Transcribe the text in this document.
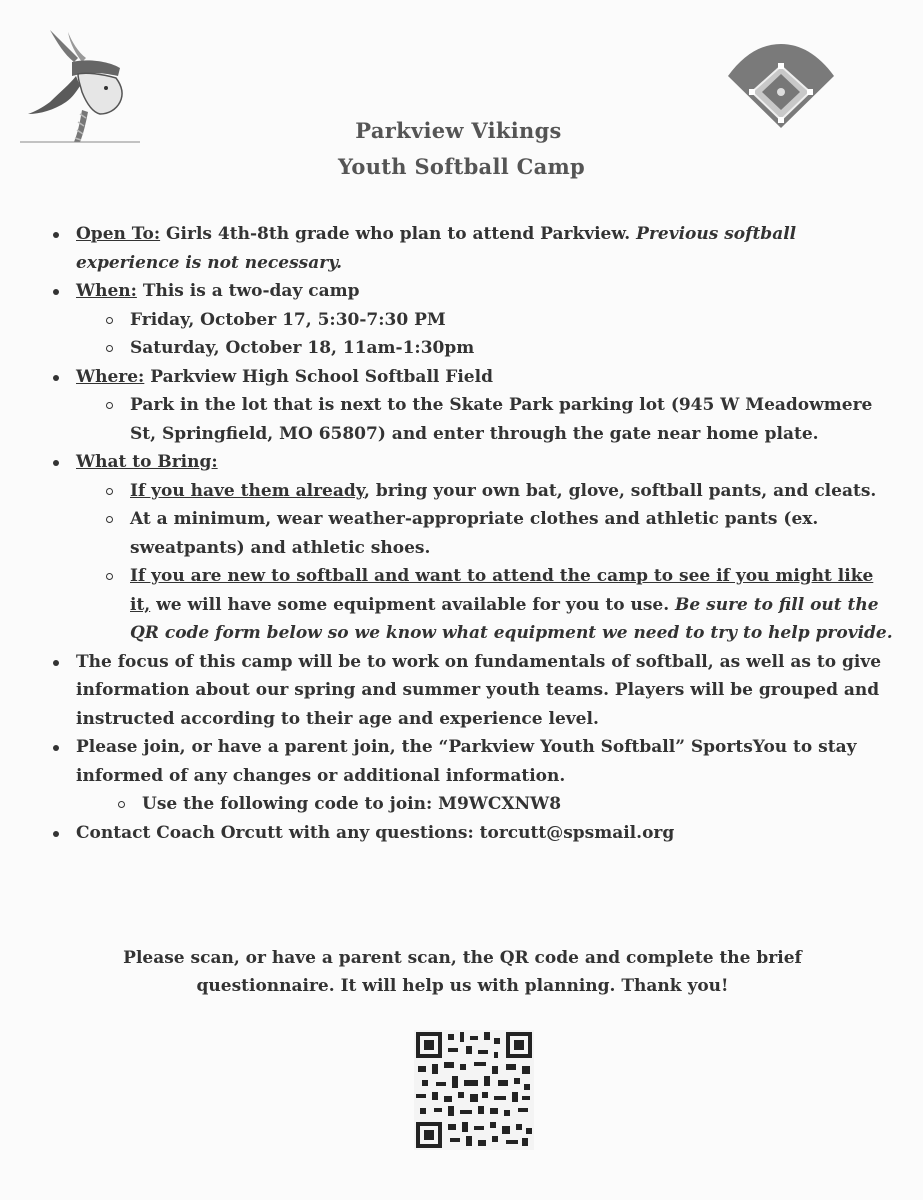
Parkview Vikings
Youth Softball Camp
Open To: Girls 4th-8th grade who plan to attend Parkview. Previous softball experience is not necessary.
When: This is a two-day camp
Friday, October 17, 5:30-7:30 PM
Saturday, October 18, 11am-1:30pm
Where: Parkview High School Softball Field
Park in the lot that is next to the Skate Park parking lot (945 W Meadowmere St, Springfield, MO 65807) and enter through the gate near home plate.
What to Bring:
If you have them already, bring your own bat, glove, softball pants, and cleats.
At a minimum, wear weather-appropriate clothes and athletic pants (ex. sweatpants) and athletic shoes.
If you are new to softball and want to attend the camp to see if you might like it, we will have some equipment available for you to use. Be sure to fill out the QR code form below so we know what equipment we need to try to help provide.
The focus of this camp will be to work on fundamentals of softball, as well as to give information about our spring and summer youth teams. Players will be grouped and instructed according to their age and experience level.
Please join, or have a parent join, the “Parkview Youth Softball” SportsYou to stay informed of any changes or additional information.
Use the following code to join: M9WCXNW8
Contact Coach Orcutt with any questions: torcutt@spsmail.org
Please scan, or have a parent scan, the QR code and complete the brief questionnaire. It will help us with planning. Thank you!
